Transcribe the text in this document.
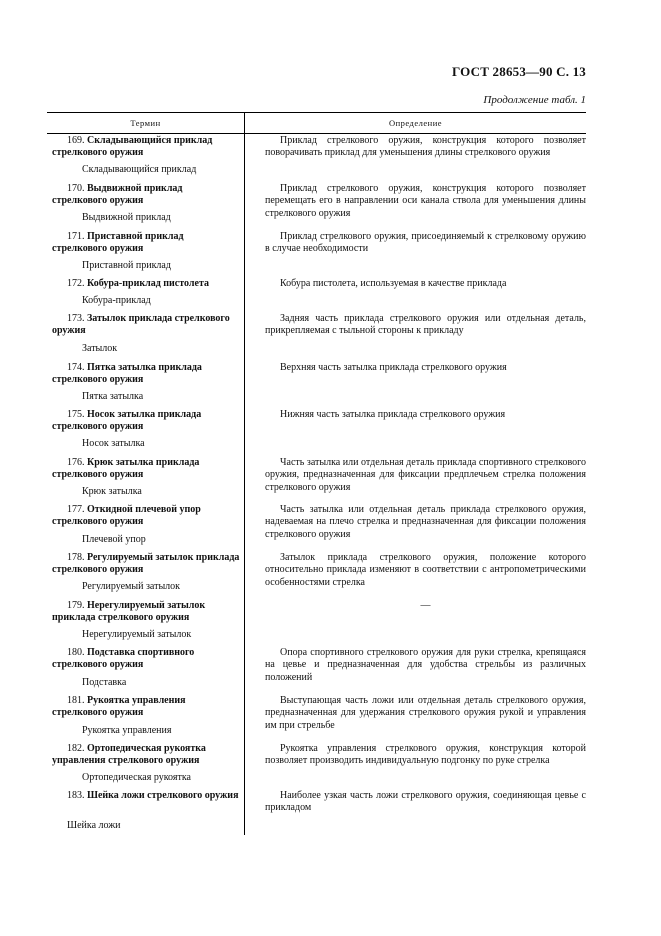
ГОСТ 28653—90 С. 13
Продолжение табл. 1
Термин	Определение
169. Складывающийся приклад стрелкового оружия
Складывающийся приклад
Приклад стрелкового оружия, конструкция которого позволяет поворачивать приклад для уменьшения длины стрелкового оружия
170. Выдвижной приклад стрелкового оружия
Выдвижной приклад
Приклад стрелкового оружия, конструкция которого позволяет перемещать его в направлении оси канала ствола для уменьшения длины стрелкового оружия
171. Приставной приклад стрелкового оружия
Приставной приклад
Приклад стрелкового оружия, присоединяемый к стрелковому оружию в случае необходимости
172. Кобура-приклад пистолета
Кобура-приклад
Кобура пистолета, используемая в качестве приклада
173. Затылок приклада стрелкового оружия
Затылок
Задняя часть приклада стрелкового оружия или отдельная деталь, прикрепляемая с тыльной стороны к прикладу
174. Пятка затылка приклада стрелкового оружия
Пятка затылка
Верхняя часть затылка приклада стрелкового оружия
175. Носок затылка приклада стрелкового оружия
Носок затылка
Нижняя часть затылка приклада стрелкового оружия
176. Крюк затылка приклада стрелкового оружия
Крюк затылка
Часть затылка или отдельная деталь приклада спортивного стрелкового оружия, предназначенная для фиксации предплечьем стрелка положения стрелкового оружия
177. Откидной плечевой упор стрелкового оружия
Плечевой упор
Часть затылка или отдельная деталь приклада стрелкового оружия, надеваемая на плечо стрелка и предназначенная для фиксации положения стрелкового оружия
178. Регулируемый затылок приклада стрелкового оружия
Регулируемый затылок
Затылок приклада стрелкового оружия, положение которого относительно приклада изменяют в соответствии с антропометрическими особенностями стрелка
179. Нерегулируемый затылок приклада стрелкового оружия
Нерегулируемый затылок
—
180. Подставка спортивного стрелкового оружия
Подставка
Опора спортивного стрелкового оружия для руки стрелка, крепящаяся на цевье и предназначенная для удобства стрельбы из различных положений
181. Рукоятка управления стрелкового оружия
Рукоятка управления
Выступающая часть ложи или отдельная деталь стрелкового оружия, предназначенная для удержания стрелкового оружия рукой и управления им при стрельбе
182. Ортопедическая рукоятка управления стрелкового оружия
Ортопедическая рукоятка
Рукоятка управления стрелкового оружия, конструкция которой позволяет производить индивидуальную подгонку по руке стрелка
183. Шейка ложи стрелкового оружия
Шейка ложи
Наиболее узкая часть ложи стрелкового оружия, соединяющая цевье с прикладом
